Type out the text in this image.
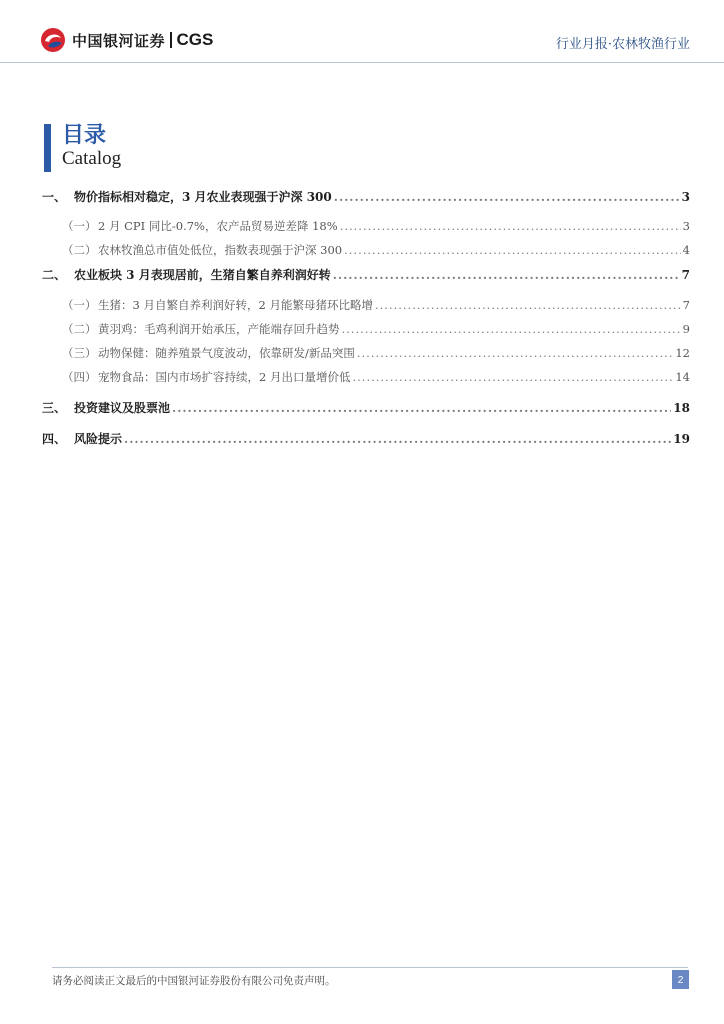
中国银河证券 CGS	行业月报·农林牧渔行业
目录
Catalog
一、 物价指标相对稳定，3 月农业表现强于沪深 300 .....	3
（一） 2 月 CPI 同比-0.7%，农产品贸易逆差降 18% .....	3
（二） 农林牧渔总市值处低位，指数表现强于沪深 300 .....	4
二、 农业板块 3 月表现居前，生猪自繁自养利润好转 .....	7
（一） 生猪：3 月自繁自养利润好转，2 月能繁母猪环比略增 .....	7
（二） 黄羽鸡：毛鸡利润开始承压，产能端存回升趋势 .....	9
（三） 动物保健：随养殖景气度波动，依靠研发/新品突围 .....	12
（四） 宠物食品：国内市场扩容持续，2 月出口量增价低 .....	14
三、 投资建议及股票池 .....	18
四、 风险提示 .....	19
请务必阅读正文最后的中国银河证券股份有限公司免责声明。	2
